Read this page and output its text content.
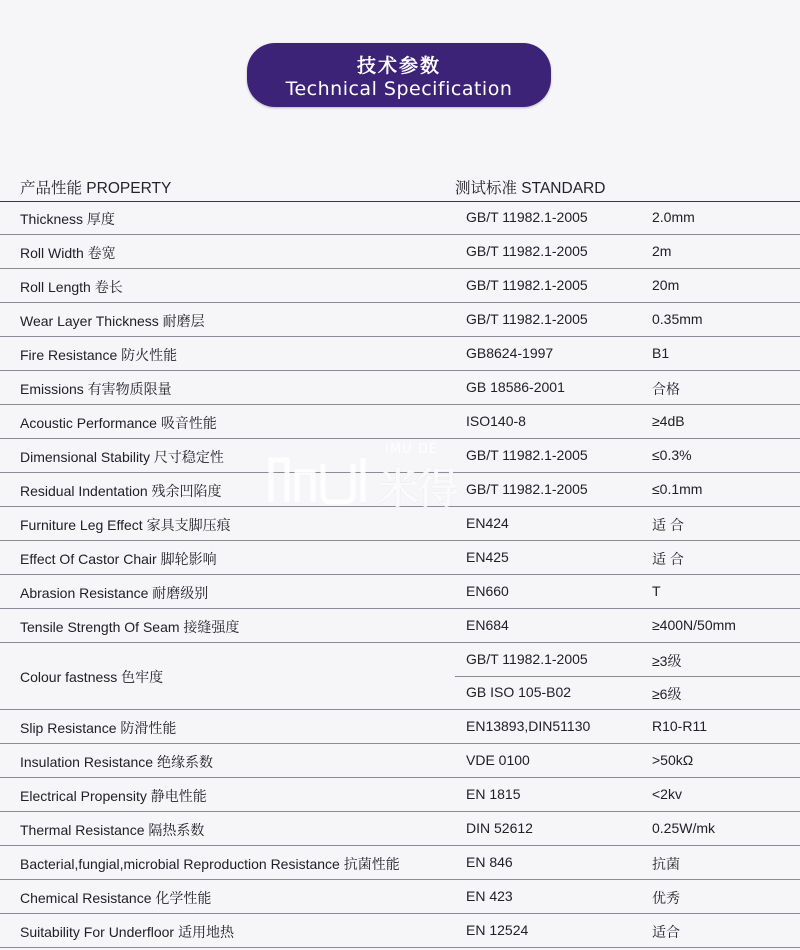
技术参数
Technical Specification
产品性能 PROPERTY	测试标准 STANDARD
Thickness 厚度	GB/T 11982.1-2005	2.0mm
Roll Width 卷宽	GB/T 11982.1-2005	2m
Roll Length 卷长	GB/T 11982.1-2005	20m
Wear Layer Thickness 耐磨层	GB/T 11982.1-2005	0.35mm
Fire Resistance 防火性能	GB8624-1997	B1
Emissions 有害物质限量	GB 18586-2001	合格
Acoustic Performance 吸音性能	ISO140-8	≥4dB
Dimensional Stability 尺寸稳定性	GB/T 11982.1-2005	≤0.3%
Residual Indentation 残余凹陷度	GB/T 11982.1-2005	≤0.1mm
Furniture Leg Effect 家具支脚压痕	EN424	适 合
Effect Of Castor Chair 脚轮影响	EN425	适 合
Abrasion Resistance 耐磨级别	EN660	T
Tensile Strength Of Seam 接缝强度	EN684	≥400N/50mm
Colour fastness 色牢度
GB/T 11982.1-2005	≥3级
GB ISO 105-B02	≥6级
Slip Resistance 防滑性能	EN13893,DIN51130	R10-R11
Insulation Resistance 绝缘系数	VDE 0100	>50kΩ
Electrical Propensity 静电性能	EN 1815	<2kv
Thermal Resistance 隔热系数	DIN 52612	0.25W/mk
Bacterial,fungial,microbial Reproduction Resistance 抗菌性能	EN 846	抗菌
Chemical Resistance 化学性能	EN 423	优秀
Suitability For Underfloor 适用地热	EN 12524	适合
IMU DE
米得
